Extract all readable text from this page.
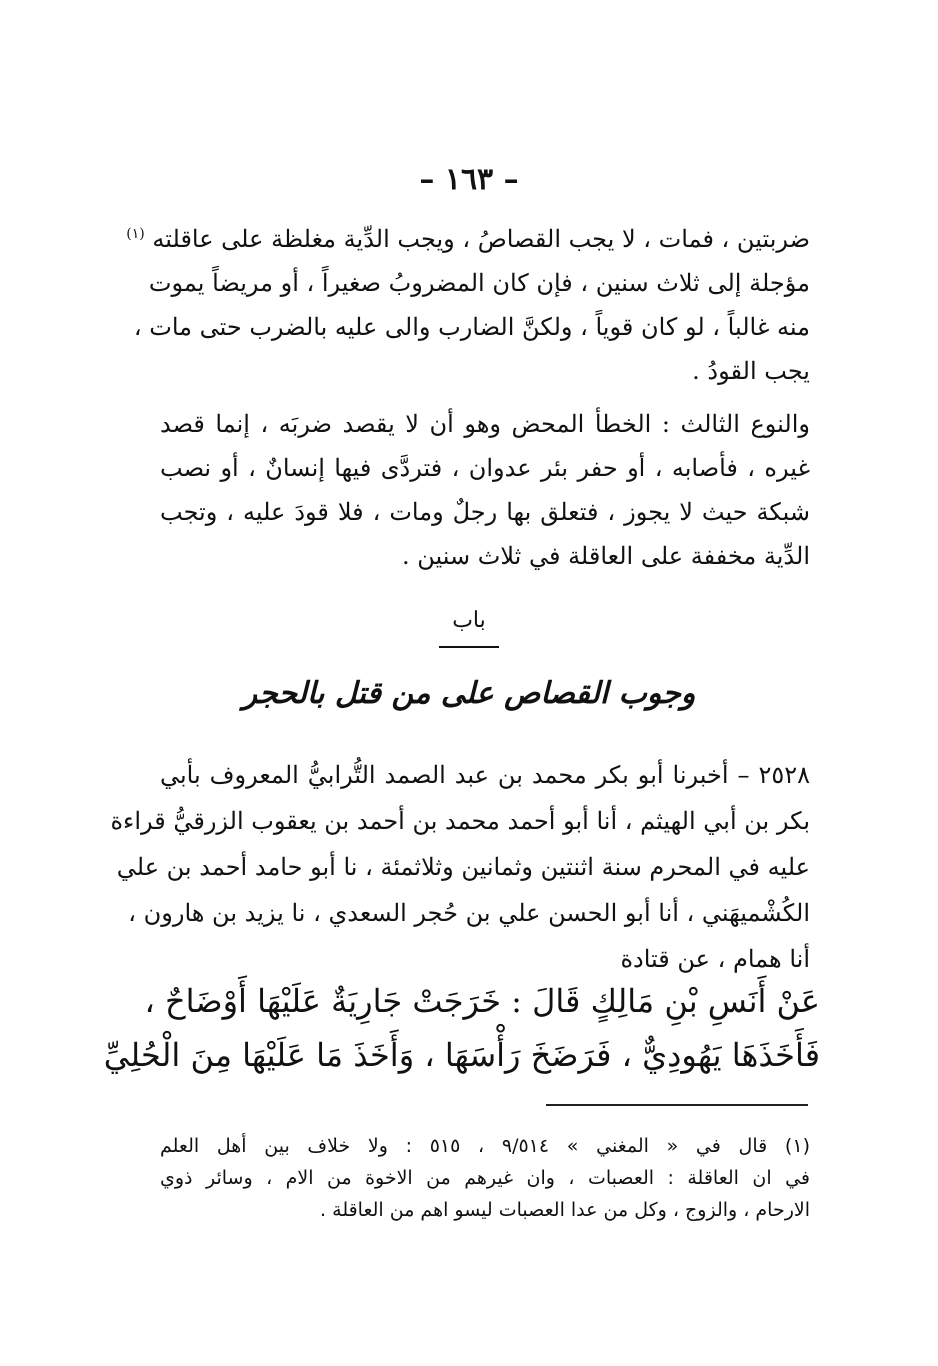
– ١٦٣ –
ضربتين ، فمات ، لا يجب القصاصُ ، ويجب الدِّية مغلظة على عاقلته $^{(١)}$
مؤجلة إلى ثلاث سنين ، فإن كان المضروبُ صغيراً ، أو مريضاً يموت
منه غالباً ، لو كان قوياً ، ولكنَّ الضارب والى عليه بالضرب حتى مات ،
يجب القودُ .
والنوع الثالث : الخطأ المحض وهو أن لا يقصد ضربَه ، إنما قصد
غيره ، فأصابه ، أو حفر بئر عدوان ، فتردَّى فيها إنسانٌ ، أو نصب
شبكة حيث لا يجوز ، فتعلق بها رجلٌ ومات ، فلا قودَ عليه ، وتجب
الدِّية مخففة على العاقلة في ثلاث سنين .
باب

وجوب القصاص على من قتل بالحجر
٢٥٢٨ – أخبرنا أبو بكر محمد بن عبد الصمد التُّرابيُّ المعروف بأبي
بكر بن أبي الهيثم ، أنا أبو أحمد محمد بن أحمد بن يعقوب الزرقيُّ قراءة
عليه في المحرم سنة اثنتين وثمانين وثلاثمئة ، نا أبو حامد أحمد بن علي
الكُشْميهَني ، أنا أبو الحسن علي بن حُجر السعدي ، نا يزيد بن هارون ،
أنا همام ، عن قتادة
عَنْ أَنَسِ بْنِ مَالِكٍ قَالَ : خَرَجَتْ جَارِيَةٌ عَلَيْهَا أَوْضَاحٌ ،
فَأَخَذَهَا يَهُودِيٌّ ، فَرَضَخَ رَأْسَهَا ، وَأَخَذَ مَا عَلَيْهَا مِنَ الْحُلِيِّ
(١) قال في « المغني » ٩/٥١٤ ، ٥١٥ : ولا خلاف بين أهل العلم
في ان العاقلة : العصبات ، وان غيرهم من الاخوة من الام ، وسائر ذوي
الارحام ، والزوج ، وكل من عدا العصبات ليسو اهم من العاقلة .
